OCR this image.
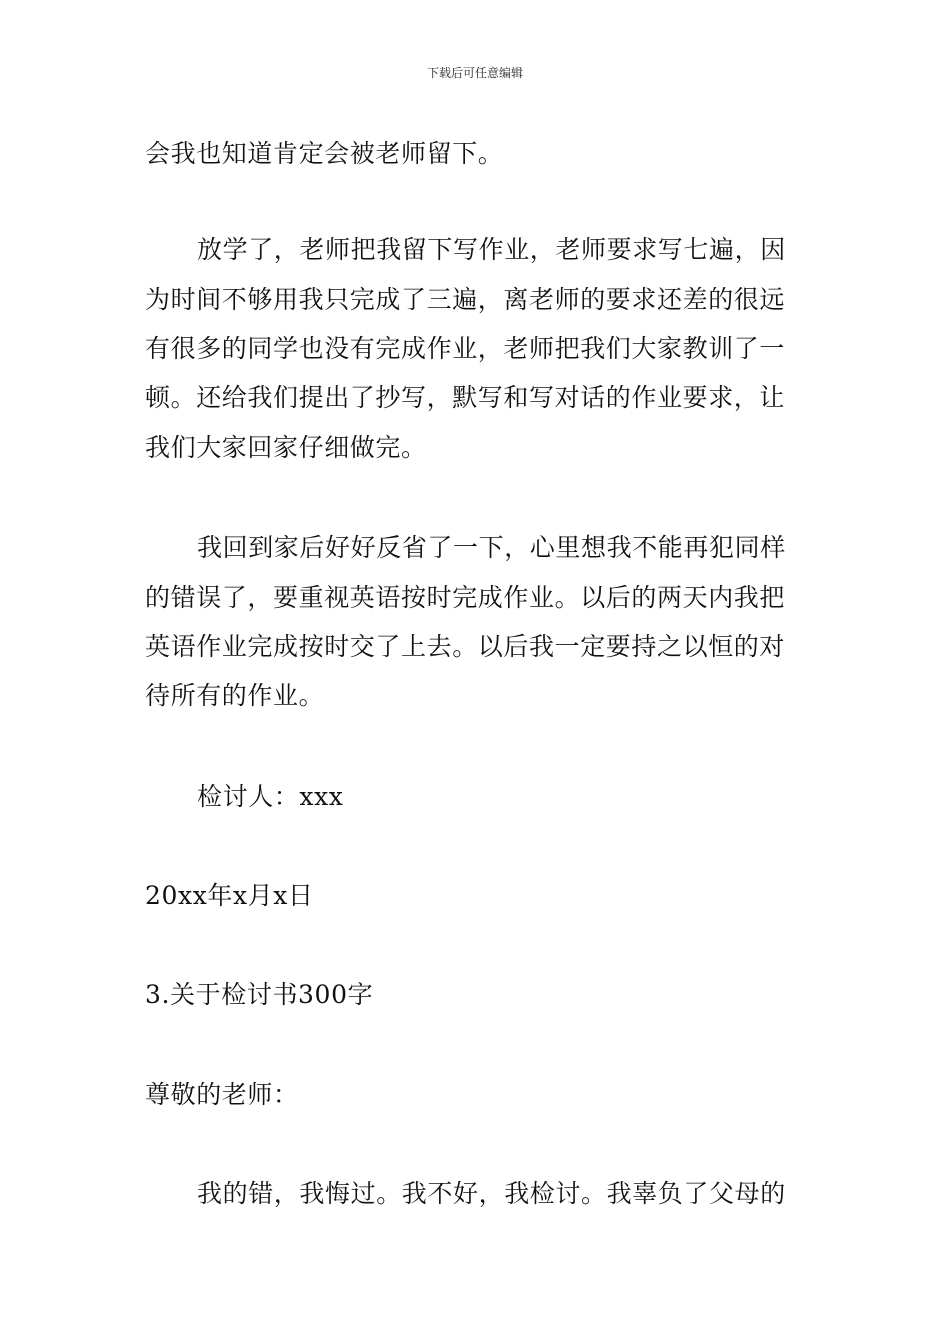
下载后可任意编辑
会我也知道肯定会被老师留下。
放学了，老师把我留下写作业，老师要求写七遍，因
为时间不够用我只完成了三遍，离老师的要求还差的很远
有很多的同学也没有完成作业，老师把我们大家教训了一
顿。还给我们提出了抄写，默写和写对话的作业要求，让
我们大家回家仔细做完。
我回到家后好好反省了一下，心里想我不能再犯同样
的错误了，要重视英语按时完成作业。以后的两天内我把
英语作业完成按时交了上去。以后我一定要持之以恒的对
待所有的作业。
检讨人：xxx
20xx年x月x日
3.关于检讨书300字
尊敬的老师：
我的错，我悔过。我不好，我检讨。我辜负了父母的
